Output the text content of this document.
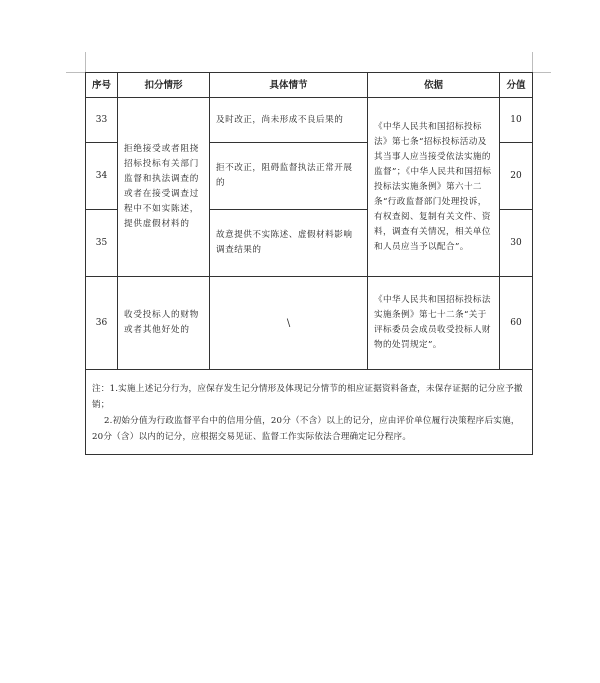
序号	扣分情形	具体情节	依据	分值
33	拒绝接受或者阻挠招标投标有关部门监督和执法调查的或者在接受调查过程中不如实陈述，提供虚假材料的	及时改正，尚未形成不良后果的	《中华人民共和国招标投标法》第七条“招标投标活动及其当事人应当接受依法实施的监督”；《中华人民共和国招标投标法实施条例》第六十二条“行政监督部门处理投诉，有权查阅、复制有关文件、资料，调查有关情况，相关单位和人员应当予以配合”。	10
34		拒不改正，阻碍监督执法正常开展的		20
35		故意提供不实陈述、虚假材料影响调查结果的		30
36	收受投标人的财物或者其他好处的	\	《中华人民共和国招标投标法实施条例》第七十二条“关于评标委员会成员收受投标人财物的处罚规定”。	60

注：1.实施上述记分行为，应保存发生记分情形及体现记分情节的相应证据资料备查，未保存证据的记分应予撤销；

2.初始分值为行政监督平台中的信用分值，20分（不含）以上的记分，应由评价单位履行决策程序后实施，20分（含）以内的记分，应根据交易见证、监督工作实际依法合理确定记分程序。				
